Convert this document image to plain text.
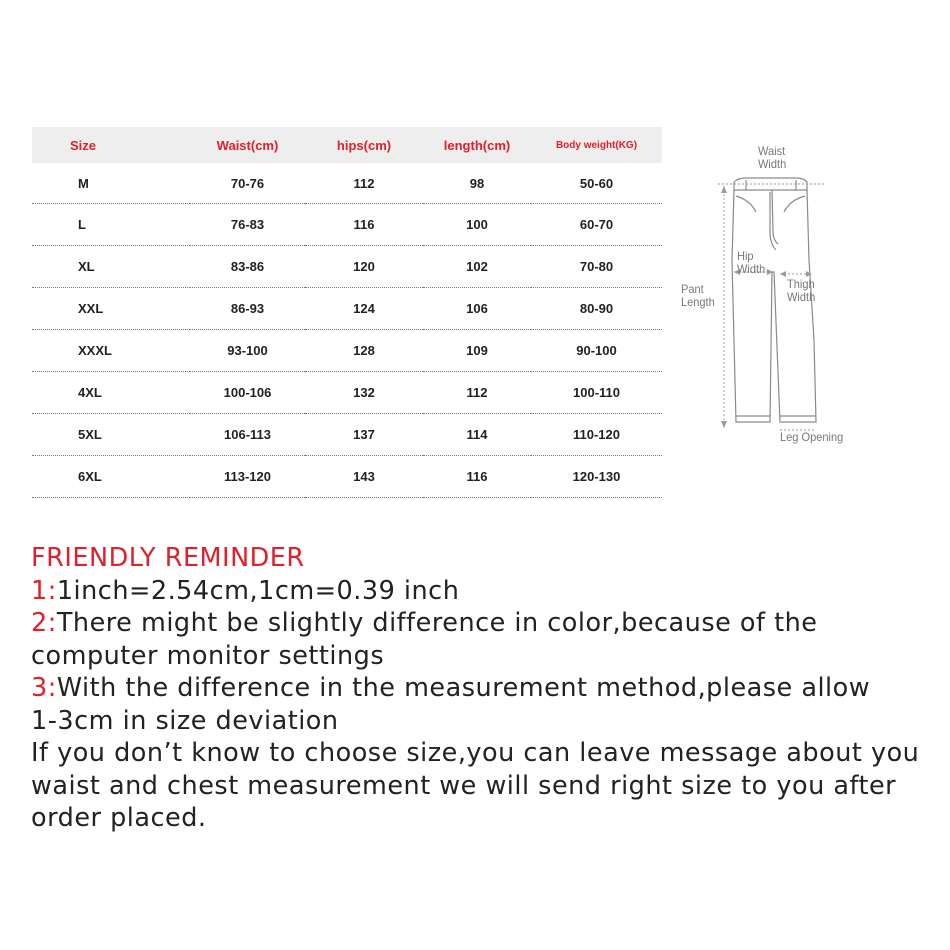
Size	Waist(cm)	hips(cm)	length(cm)	Body weight(KG)
M	70-76	112	98	50-60
L	76-83	116	100	60-70
XL	83-86	120	102	70-80
XXL	86-93	124	106	80-90
XXXL	93-100	128	109	90-100
4XL	100-106	132	112	100-110
5XL	106-113	137	114	110-120
6XL	113-120	143	116	120-130
Waist
Width
Hip
Width
Thigh
Width
Pant
Length
Leg Opening
FRIENDLY REMINDER
1:1inch=2.54cm,1cm=0.39 inch
2:There might be slightly difference in color,because of the
computer monitor settings
3:With the difference in the measurement method,please allow
1-3cm in size deviation
If you don’t know to choose size,you can leave message about you
waist and chest measurement we will send right size to you after
order placed.
